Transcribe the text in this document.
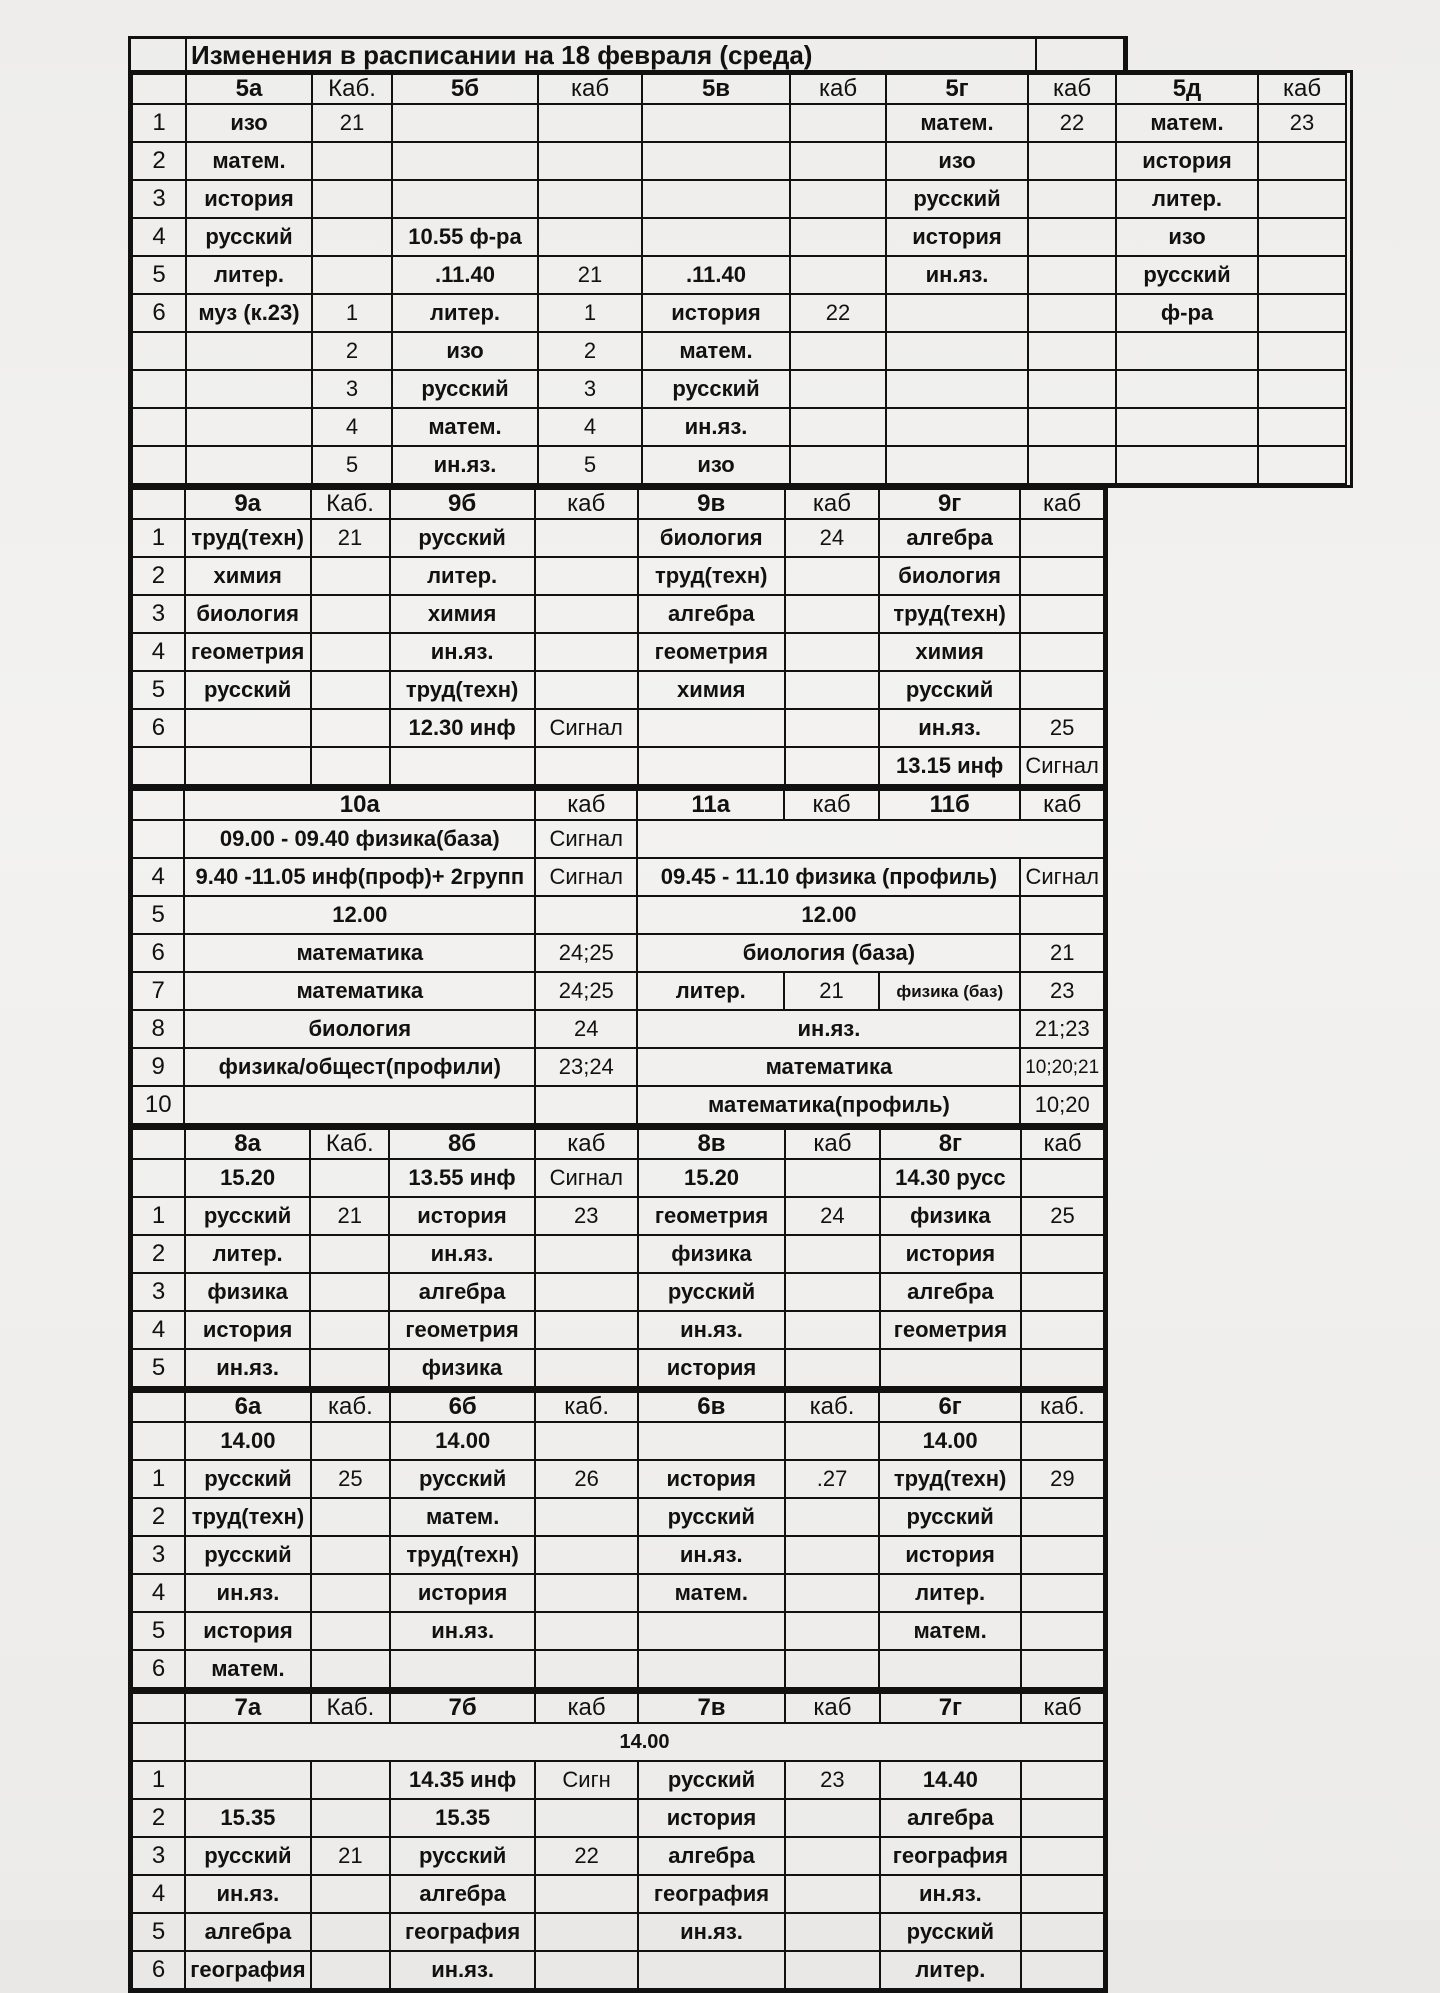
Изменения в расписании на 18 февраля (среда)
	5а	Каб.	5б	каб	5в	каб	5г	каб	5д	каб
1	изо	21					матем.	22	матем.	23
2	матем.						изо		история	
3	история						русский		литер.	
4	русский		10.55 ф-ра				история		изо	
5	литер.		.11.40	21	.11.40		ин.яз.		русский	
6	муз (к.23)	1	литер.	1	история	22			ф-ра	
		2	изо	2	матем.					
		3	русский	3	русский					
		4	матем.	4	ин.яз.					
		5	ин.яз.	5	изо					
	9а	Каб.	9б	каб	9в	каб	9г	каб
1	труд(техн)	21	русский		биология	24	алгебра	
2	химия		литер.		труд(техн)		биология	
3	биология		химия		алгебра		труд(техн)	
4	геометрия		ин.яз.		геометрия		химия	
5	русский		труд(техн)		химия		русский	
6			12.30 инф	Сигнал			ин.яз.	25
							13.15 инф	Сигнал
	10а	каб	11а	каб	11б	каб
	09.00 - 09.40 физика(база)	Сигнал				
4	9.40 -11.05 инф(проф)+ 2групп	Сигнал	09.45 - 11.10 физика (профиль)			Сигнал
5	12.00		12.00			
6	математика	24;25	биология (база)			21
7	математика	24;25	литер.	21	физика (баз)	23
8	биология	24	ин.яз.			21;23
9	физика/общест(профили)	23;24	математика			10;20;21
10			математика(профиль)			10;20
	8а	Каб.	8б	каб	8в	каб	8г	каб
	15.20		13.55 инф	Сигнал	15.20		14.30 русс	
1	русский	21	история	23	геометрия	24	физика	25
2	литер.		ин.яз.		физика		история	
3	физика		алгебра		русский		алгебра	
4	история		геометрия		ин.яз.		геометрия	
5	ин.яз.		физика		история			
	6а	каб.	6б	каб.	6в	каб.	6г	каб.
	14.00		14.00				14.00	
1	русский	25	русский	26	история	.27	труд(техн)	29
2	труд(техн)		матем.		русский		русский	
3	русский		труд(техн)		ин.яз.		история	
4	ин.яз.		история		матем.		литер.	
5	история		ин.яз.				матем.	
6	матем.							
	7а	Каб.	7б	каб	7в	каб	7г	каб
	14.00							
1			14.35 инф	Сигн	русский	23	14.40	
2	15.35		15.35		история		алгебра	
3	русский	21	русский	22	алгебра		география	
4	ин.яз.		алгебра		география		ин.яз.	
5	алгебра		география		ин.яз.		русский	
6	география		ин.яз.				литер.	
